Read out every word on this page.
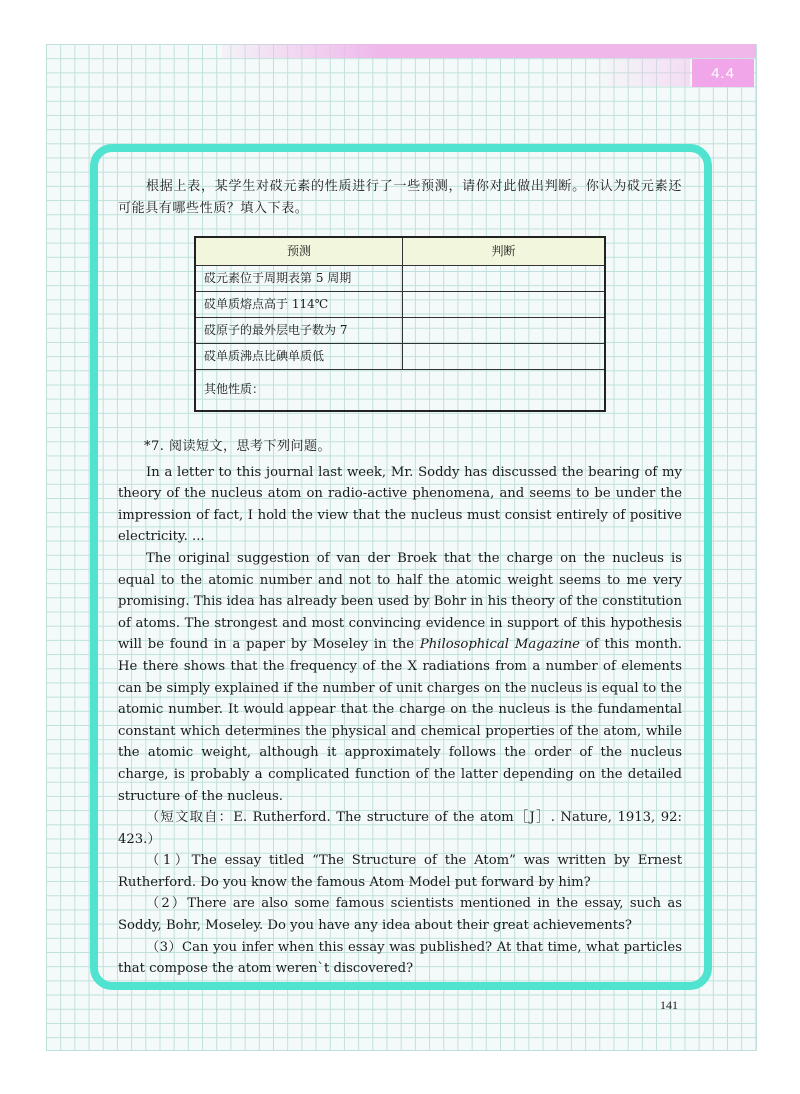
4.4

根据上表，某学生对砹元素的性质进行了一些预测，请你对此做出判断。你认为砹元素还可能具有哪些性质？填入下表。

预测	判断
砹元素位于周期表第 5 周期	
砹单质熔点高于 114℃	
砹原子的最外层电子数为 7	
砹单质沸点比碘单质低	
其他性质：	

*7. 阅读短文，思考下列问题。

In a letter to this journal last week, Mr. Soddy has discussed the bearing of my theory of the nucleus atom on radio-active phenomena, and seems to be under the impression of fact, I hold the view that the nucleus must consist entirely of positive electricity. ...

The original suggestion of van der Broek that the charge on the nucleus is equal to the atomic number and not to half the atomic weight seems to me very promising. This idea has already been used by Bohr in his theory of the constitution of atoms. The strongest and most convincing evidence in support of this hypothesis will be found in a paper by Moseley in the Philosophical Magazine of this month. He there shows that the frequency of the X radiations from a number of elements can be simply explained if the number of unit charges on the nucleus is equal to the atomic number. It would appear that the charge on the nucleus is the fundamental constant which determines the physical and chemical properties of the atom, while the atomic weight, although it approximately follows the order of the nucleus charge, is probably a complicated function of the latter depending on the detailed structure of the nucleus.

（短文取自：E. Rutherford. The structure of the atom［J］. Nature, 1913, 92: 423.）

（1）The essay titled “The Structure of the Atom” was written by Ernest Rutherford. Do you know the famous Atom Model put forward by him?

（2）There are also some famous scientists mentioned in the essay, such as Soddy, Bohr, Moseley. Do you have any idea about their great achievements?

（3）Can you infer when this essay was published? At that time, what particles that compose the atom weren`t discovered?

141
